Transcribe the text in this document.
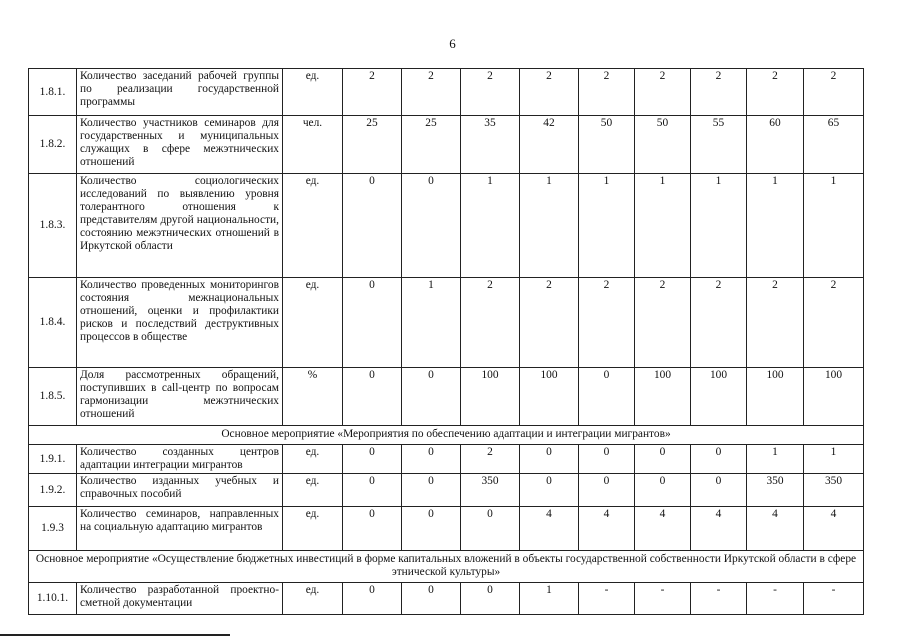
6
1.8.1.	Количество заседаний рабочей группы по реализации государственной программы	ед.	2	2	2	2	2	2	2	2	2
1.8.2.	Количество участников семинаров для государственных и муниципальных служащих в сфере межэтнических отношений	чел.	25	25	35	42	50	50	55	60	65
1.8.3.	Количество социологических исследований по выявлению уровня толерантного отношения к представителям другой национальности, состоянию межэтнических отношений в Иркутской области	ед.	0	0	1	1	1	1	1	1	1
1.8.4.	Количество проведенных мониторингов состояния межнациональных отношений, оценки и профилактики рисков и последствий деструктивных процессов в обществе	ед.	0	1	2	2	2	2	2	2	2
1.8.5.	Доля рассмотренных обращений, поступивших в call-центр по вопросам гармонизации межэтнических отношений	%	0	0	100	100	0	100	100	100	100
Основное мероприятие «Мероприятия по обеспечению адаптации и интеграции мигрантов»											
1.9.1.	Количество созданных центров адаптации интеграции мигрантов	ед.	0	0	2	0	0	0	0	1	1
1.9.2.	Количество изданных учебных и справочных пособий	ед.	0	0	350	0	0	0	0	350	350
1.9.3	Количество семинаров, направленных на социальную адаптацию мигрантов	ед.	0	0	0	4	4	4	4	4	4
Основное мероприятие «Осуществление бюджетных инвестиций в форме капитальных вложений в объекты государственной собственности Иркутской области в сфере этнической культуры»											
1.10.1.	Количество разработанной проектно-сметной документации	ед.	0	0	0	1	-	-	-	-	-
